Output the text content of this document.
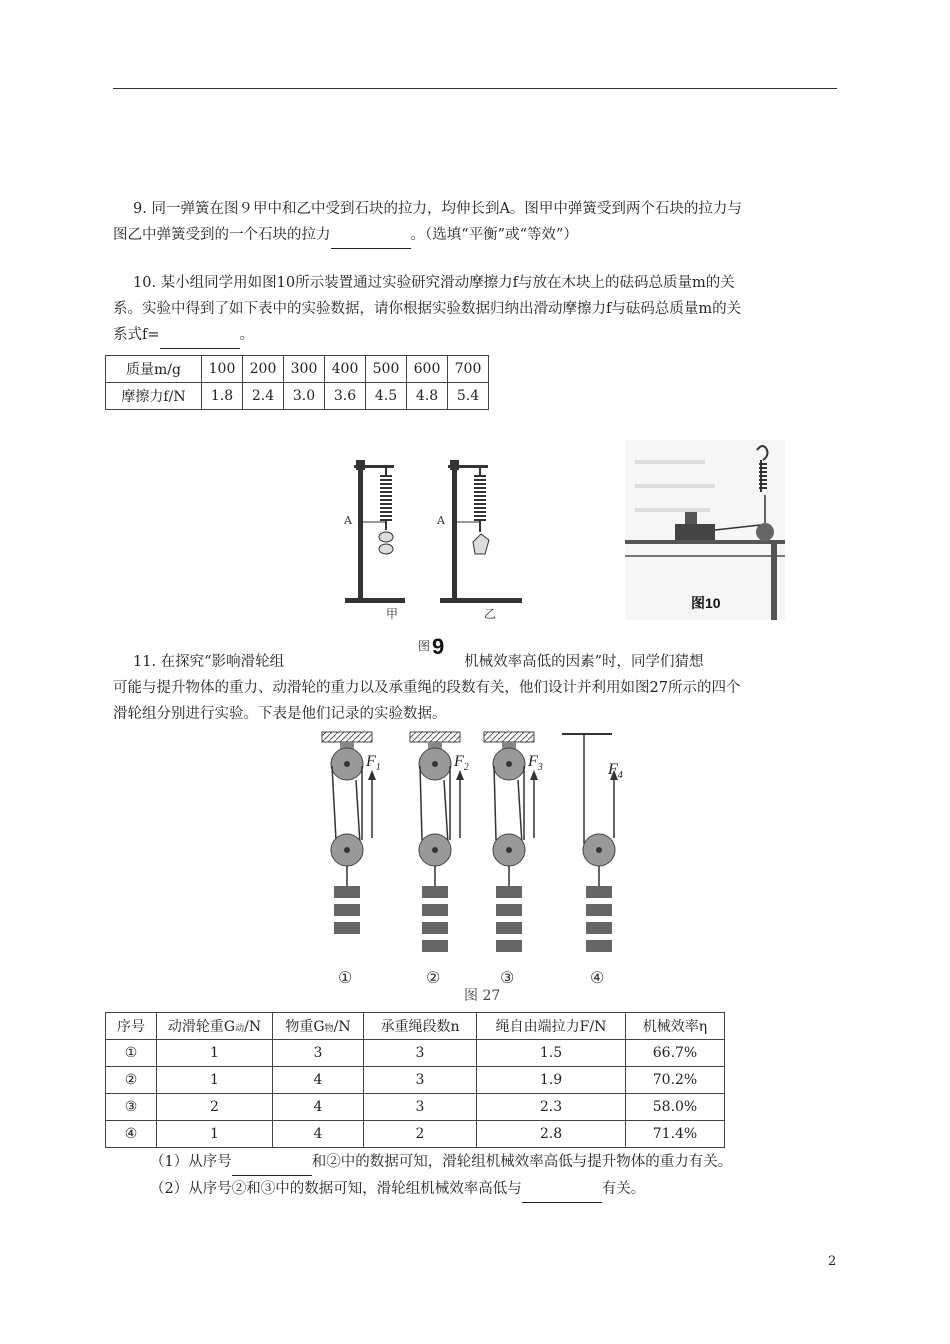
9. 同一弹簧在图９甲中和乙中受到石块的拉力，均伸长到A。图甲中弹簧受到两个石块的拉力与
图乙中弹簧受到的一个石块的拉力	。（选填“平衡”或“等效”）
10. 某小组同学用如图10所示装置通过实验研究滑动摩擦力f与放在木块上的砝码总质量m的关
系。实验中得到了如下表中的实验数据，请你根据实验数据归纳出滑动摩擦力f与砝码总质量m的关
系式f=	。
质量m/g	100	200	300	400	500	600	700
摩擦力f/N	1.8	2.4	3.0	3.6	4.5	4.8	5.4
A
甲
A
乙
图 9
图10
11. 在探究“影响滑轮组	机械效率高低的因素”时，同学们猜想
可能与提升物体的重力、动滑轮的重力以及承重绳的段数有关，他们设计并利用如图27所示的四个
滑轮组分别进行实验。下表是他们记录的实验数据。
$F_1$
①
$F_2$
②
$F_3$
③
$F_4$
④
图 27
序号	动滑轮重G动/N	物重G物/N	承重绳段数n	绳自由端拉力F/N	机械效率η
①	1	3	3	1.5	66.7%
②	1	4	3	1.9	70.2%
③	2	4	3	2.3	58.0%
④	1	4	2	2.8	71.4%
（1）从序号	和②中的数据可知，滑轮组机械效率高低与提升物体的重力有关。
（2）从序号②和③中的数据可知，滑轮组机械效率高低与	有关。
2
